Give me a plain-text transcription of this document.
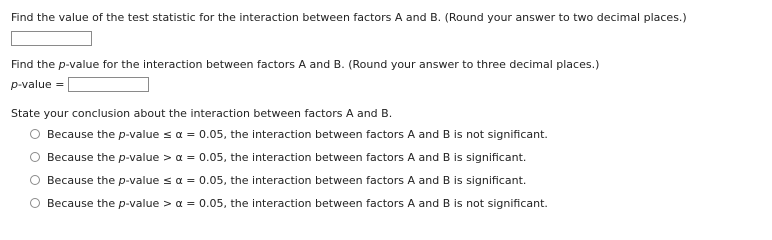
Find the value of the test statistic for the interaction between factors A and B. (Round your answer to two decimal places.)
Find the p-value for the interaction between factors A and B. (Round your answer to three decimal places.)
p-value =
State your conclusion about the interaction between factors A and B.
Because the p-value ≤ α = 0.05, the interaction between factors A and B is not significant.
Because the p-value > α = 0.05, the interaction between factors A and B is significant.
Because the p-value ≤ α = 0.05, the interaction between factors A and B is significant.
Because the p-value > α = 0.05, the interaction between factors A and B is not significant.
